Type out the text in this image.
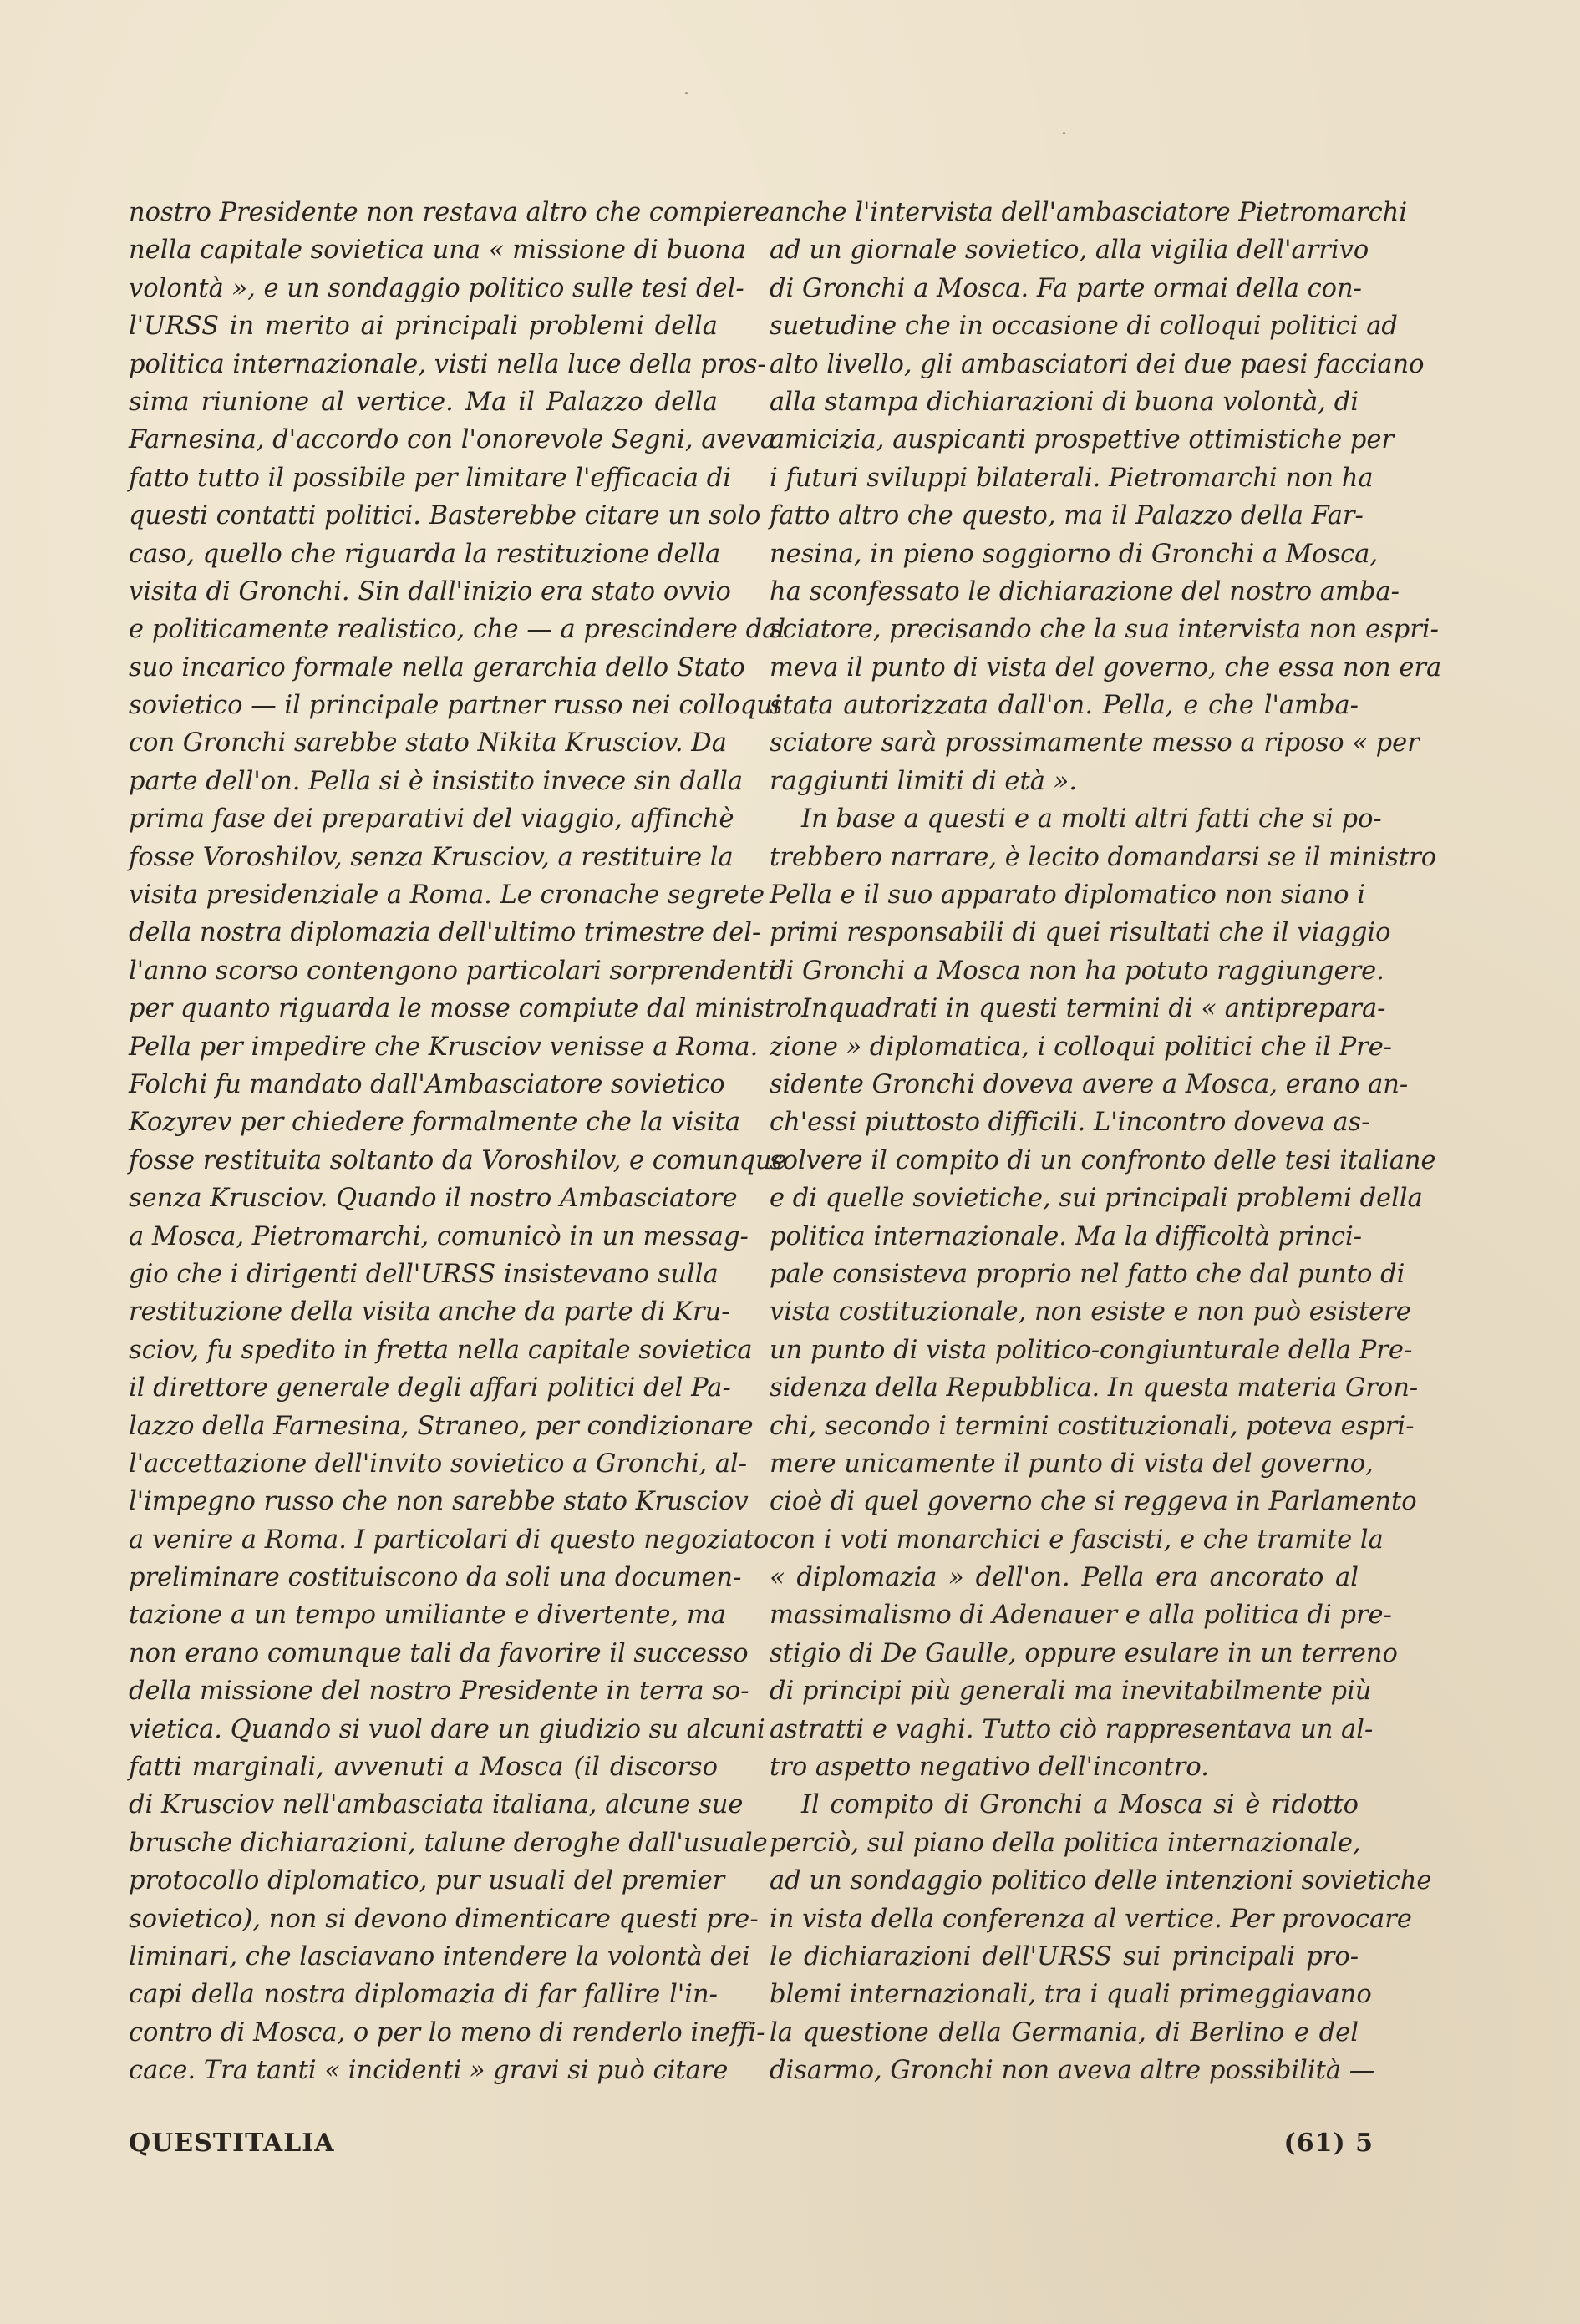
nostro Presidente non restava altro che compiere
nella capitale sovietica una « missione di buona
volontà », e un sondaggio politico sulle tesi del-
l'URSS in merito ai principali problemi della
politica internazionale, visti nella luce della pros-
sima riunione al vertice. Ma il Palazzo della
Farnesina, d'accordo con l'onorevole Segni, aveva
fatto tutto il possibile per limitare l'efficacia di
questi contatti politici. Basterebbe citare un solo
caso, quello che riguarda la restituzione della
visita di Gronchi. Sin dall'inizio era stato ovvio
e politicamente realistico, che — a prescindere dal
suo incarico formale nella gerarchia dello Stato
sovietico — il principale partner russo nei colloqui
con Gronchi sarebbe stato Nikita Krusciov. Da
parte dell'on. Pella si è insistito invece sin dalla
prima fase dei preparativi del viaggio, affinchè
fosse Voroshilov, senza Krusciov, a restituire la
visita presidenziale a Roma. Le cronache segrete
della nostra diplomazia dell'ultimo trimestre del-
l'anno scorso contengono particolari sorprendenti
per quanto riguarda le mosse compiute dal ministro
Pella per impedire che Krusciov venisse a Roma.
Folchi fu mandato dall'Ambasciatore sovietico
Kozyrev per chiedere formalmente che la visita
fosse restituita soltanto da Voroshilov, e comunque
senza Krusciov. Quando il nostro Ambasciatore
a Mosca, Pietromarchi, comunicò in un messag-
gio che i dirigenti dell'URSS insistevano sulla
restituzione della visita anche da parte di Kru-
sciov, fu spedito in fretta nella capitale sovietica
il direttore generale degli affari politici del Pa-
lazzo della Farnesina, Straneo, per condizionare
l'accettazione dell'invito sovietico a Gronchi, al-
l'impegno russo che non sarebbe stato Krusciov
a venire a Roma. I particolari di questo negoziato
preliminare costituiscono da soli una documen-
tazione a un tempo umiliante e divertente, ma
non erano comunque tali da favorire il successo
della missione del nostro Presidente in terra so-
vietica. Quando si vuol dare un giudizio su alcuni
fatti marginali, avvenuti a Mosca (il discorso
di Krusciov nell'ambasciata italiana, alcune sue
brusche dichiarazioni, talune deroghe dall'usuale
protocollo diplomatico, pur usuali del premier
sovietico), non si devono dimenticare questi pre-
liminari, che lasciavano intendere la volontà dei
capi della nostra diplomazia di far fallire l'in-
contro di Mosca, o per lo meno di renderlo ineffi-
cace. Tra tanti « incidenti » gravi si può citare
anche l'intervista dell'ambasciatore Pietromarchi
ad un giornale sovietico, alla vigilia dell'arrivo
di Gronchi a Mosca. Fa parte ormai della con-
suetudine che in occasione di colloqui politici ad
alto livello, gli ambasciatori dei due paesi facciano
alla stampa dichiarazioni di buona volontà, di
amicizia, auspicanti prospettive ottimistiche per
i futuri sviluppi bilaterali. Pietromarchi non ha
fatto altro che questo, ma il Palazzo della Far-
nesina, in pieno soggiorno di Gronchi a Mosca,
ha sconfessato le dichiarazione del nostro amba-
sciatore, precisando che la sua intervista non espri-
meva il punto di vista del governo, che essa non era
stata autorizzata dall'on. Pella, e che l'amba-
sciatore sarà prossimamente messo a riposo « per
raggiunti limiti di età ».
In base a questi e a molti altri fatti che si po-
trebbero narrare, è lecito domandarsi se il ministro
Pella e il suo apparato diplomatico non siano i
primi responsabili di quei risultati che il viaggio
di Gronchi a Mosca non ha potuto raggiungere.
Inquadrati in questi termini di « antiprepara-
zione » diplomatica, i colloqui politici che il Pre-
sidente Gronchi doveva avere a Mosca, erano an-
ch'essi piuttosto difficili. L'incontro doveva as-
solvere il compito di un confronto delle tesi italiane
e di quelle sovietiche, sui principali problemi della
politica internazionale. Ma la difficoltà princi-
pale consisteva proprio nel fatto che dal punto di
vista costituzionale, non esiste e non può esistere
un punto di vista politico-congiunturale della Pre-
sidenza della Repubblica. In questa materia Gron-
chi, secondo i termini costituzionali, poteva espri-
mere unicamente il punto di vista del governo,
cioè di quel governo che si reggeva in Parlamento
con i voti monarchici e fascisti, e che tramite la
« diplomazia » dell'on. Pella era ancorato al
massimalismo di Adenauer e alla politica di pre-
stigio di De Gaulle, oppure esulare in un terreno
di principi più generali ma inevitabilmente più
astratti e vaghi. Tutto ciò rappresentava un al-
tro aspetto negativo dell'incontro.
Il compito di Gronchi a Mosca si è ridotto
perciò, sul piano della politica internazionale,
ad un sondaggio politico delle intenzioni sovietiche
in vista della conferenza al vertice. Per provocare
le dichiarazioni dell'URSS sui principali pro-
blemi internazionali, tra i quali primeggiavano
la questione della Germania, di Berlino e del
disarmo, Gronchi non aveva altre possibilità —
QUESTITALIA	(61) 5
